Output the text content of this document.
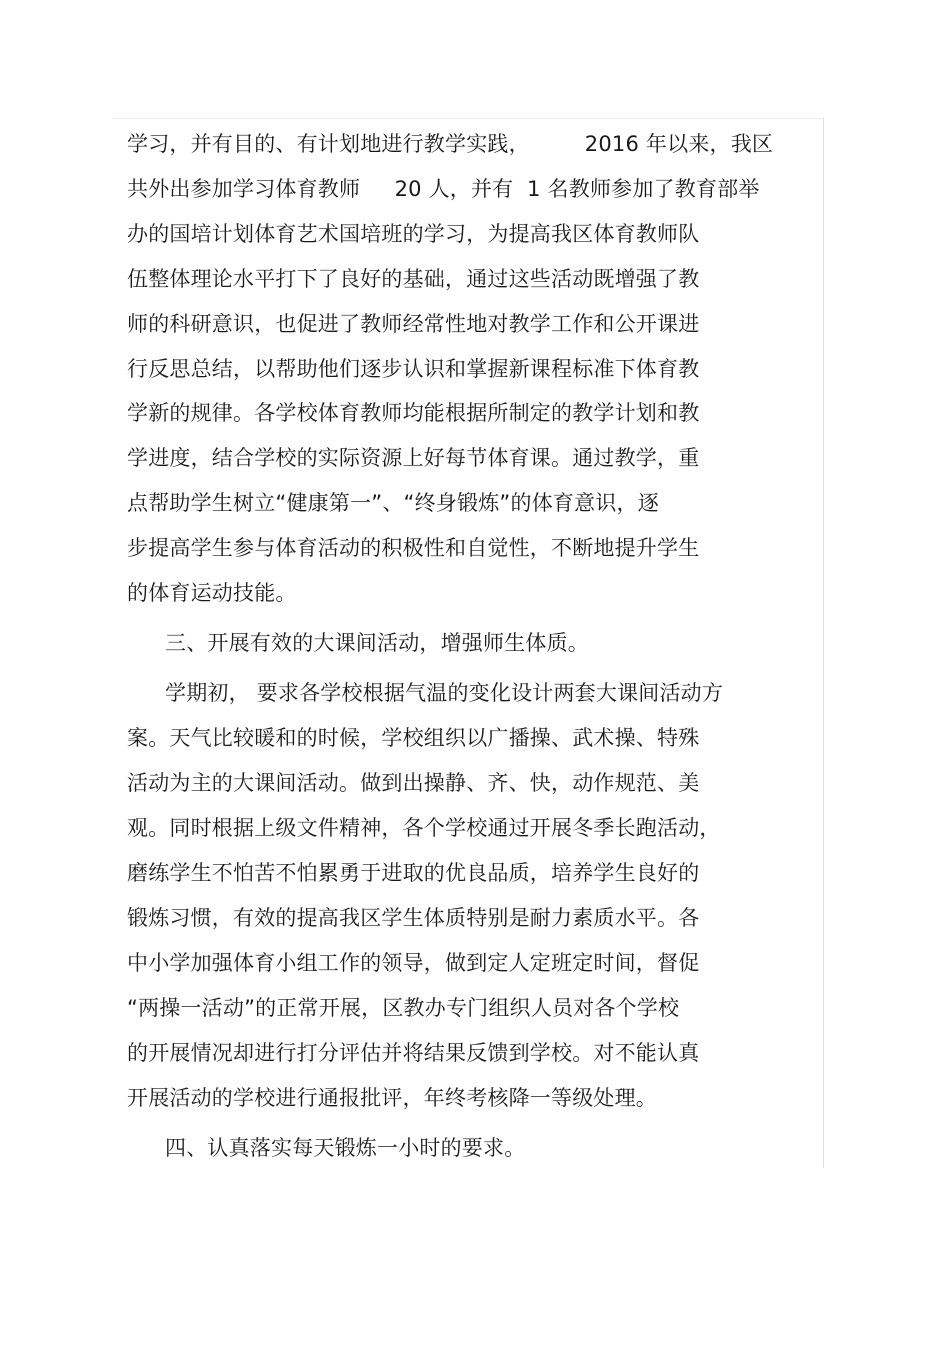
学习，并有目的、有计划地进行教学实践，        2016 年以来，我区
共外出参加学习体育教师     20 人，并有  1 名教师参加了教育部举
办的国培计划体育艺术国培班的学习，为提高我区体育教师队
伍整体理论水平打下了良好的基础，通过这些活动既增强了教
师的科研意识，也促进了教师经常性地对教学工作和公开课进
行反思总结，以帮助他们逐步认识和掌握新课程标准下体育教
学新的规律。各学校体育教师均能根据所制定的教学计划和教
学进度，结合学校的实际资源上好每节体育课。通过教学，重
点帮助学生树立“健康第一”、“终身锻炼”的体育意识，逐
步提高学生参与体育活动的积极性和自觉性，不断地提升学生
的体育运动技能。
三、开展有效的大课间活动，增强师生体质。
学期初， 要求各学校根据气温的变化设计两套大课间活动方
案。天气比较暖和的时候，学校组织以广播操、武术操、特殊
活动为主的大课间活动。做到出操静、齐、快，动作规范、美
观。同时根据上级文件精神，各个学校通过开展冬季长跑活动，
磨练学生不怕苦不怕累勇于进取的优良品质，培养学生良好的
锻炼习惯，有效的提高我区学生体质特别是耐力素质水平。各
中小学加强体育小组工作的领导，做到定人定班定时间，督促
“两操一活动”的正常开展，区教办专门组织人员对各个学校
的开展情况却进行打分评估并将结果反馈到学校。对不能认真
开展活动的学校进行通报批评，年终考核降一等级处理。
四、认真落实每天锻炼一小时的要求。
